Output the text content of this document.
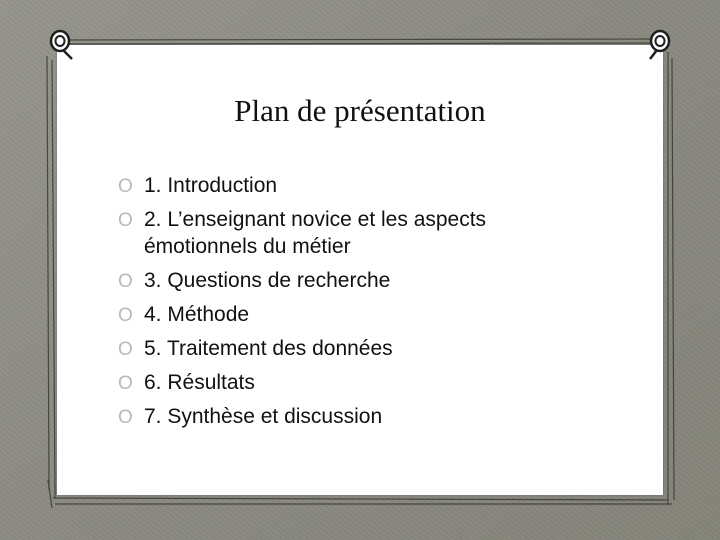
Plan de présentation
O 1. Introduction
O 2. L’enseignant novice et les aspects émotionnels du métier
O 3. Questions de recherche
O 4. Méthode
O 5. Traitement des données
O 6. Résultats
O 7. Synthèse et discussion
